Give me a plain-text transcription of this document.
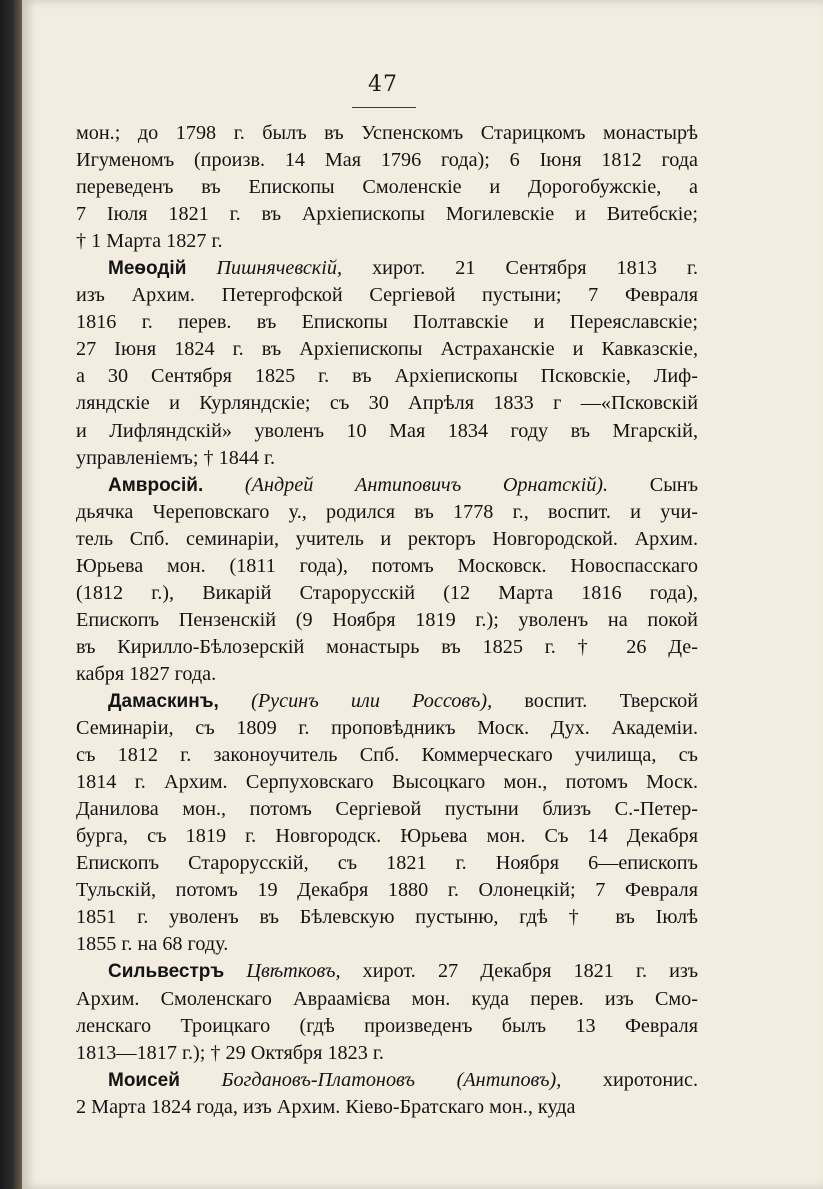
47
мон.; до 1798 г. былъ въ Успенскомъ Старицкомъ монастырѣ
Игуменомъ (произв. 14 Мая 1796 года); 6 Іюня 1812 года
переведенъ въ Епископы Смоленскіе и Дорогобужскіе, а
7 Іюля 1821 г. въ Архіепископы Могилевскіе и Витебскіе;
† 1 Марта 1827 г.
Меѳодій Пишнячевскій, хирот. 21 Сентября 1813 г.
изъ Архим. Петергофской Сергіевой пустыни; 7 Февраля
1816 г. перев. въ Епископы Полтавскіе и Переяславскіе;
27 Іюня 1824 г. въ Архіепископы Астраханскіе и Кавказскіе,
а 30 Сентября 1825 г. въ Архіепископы Псковскіе, Лиф-
ляндскіе и Курляндскіе; съ 30 Апрѣля 1833 г —«Псковскій
и Лифляндскій» уволенъ 10 Мая 1834 году въ Мгарскій,
управленіемъ; † 1844 г.
Амвросій. (Андрей Антиповичъ Орнатскій). Сынъ
дьячка Череповскаго у., родился въ 1778 г., воспит. и учи-
тель Спб. семинаріи, учитель и ректоръ Новгородской. Архим.
Юрьева мон. (1811 года), потомъ Московск. Новоспасскаго
(1812 г.), Викарій Старорусскій (12 Марта 1816 года),
Епископъ Пензенскій (9 Ноября 1819 г.); уволенъ на покой
въ Кирилло-Бѣлозерскій монастырь въ 1825 г. † 26 Де-
кабря 1827 года.
Дамаскинъ, (Русинъ или Россовъ), воспит. Тверской
Семинаріи, съ 1809 г. проповѣдникъ Моск. Дух. Академіи.
съ 1812 г. законоучитель Спб. Коммерческаго училища, съ
1814 г. Архим. Серпуховскаго Высоцкаго мон., потомъ Моск.
Данилова мон., потомъ Сергіевой пустыни близъ С.-Петер-
бурга, съ 1819 г. Новгородск. Юрьева мон. Съ 14 Декабря
Епископъ Старорусскій, съ 1821 г. Ноября 6—епископъ
Тульскій, потомъ 19 Декабря 1880 г. Олонецкій; 7 Февраля
1851 г. уволенъ въ Бѣлевскую пустыню, гдѣ † въ Іюлѣ
1855 г. на 68 году.
Сильвестръ Цвѣтковъ, хирот. 27 Декабря 1821 г. изъ
Архим. Смоленскаго Авраамієва мон. куда перев. изъ Смо-
ленскаго Троицкаго (гдѣ произведенъ былъ 13 Февраля
1813—1817 г.); † 29 Октября 1823 г.
Моисей Богдановъ-Платоновъ (Антиповъ), хиротонис.
2 Марта 1824 года, изъ Архим. Кіево-Братскаго мон., куда
